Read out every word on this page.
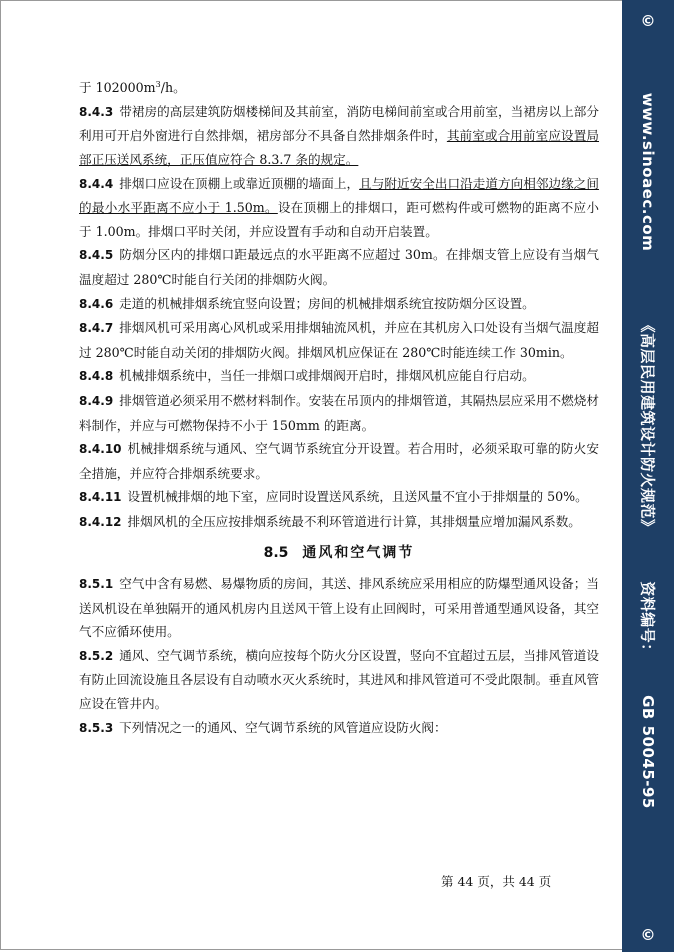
于 $102000m^3/h$。

8.4.3 带裙房的高层建筑防烟楼梯间及其前室，消防电梯间前室或合用前室，当裙房以上部分利用可开启外窗进行自然排烟，裙房部分不具备自然排烟条件时，其前室或合用前室应设置局部正压送风系统，正压值应符合 8.3.7 条的规定。

8.4.4 排烟口应设在顶棚上或靠近顶棚的墙面上，且与附近安全出口沿走道方向相邻边缘之间的最小水平距离不应小于 1.50m。设在顶棚上的排烟口，距可燃构件或可燃物的距离不应小于 1.00m。排烟口平时关闭，并应设置有手动和自动开启装置。

8.4.5 防烟分区内的排烟口距最远点的水平距离不应超过 30m。在排烟支管上应设有当烟气温度超过 280℃时能自行关闭的排烟防火阀。

8.4.6 走道的机械排烟系统宜竖向设置；房间的机械排烟系统宜按防烟分区设置。

8.4.7 排烟风机可采用离心风机或采用排烟轴流风机，并应在其机房入口处设有当烟气温度超过 280℃时能自动关闭的排烟防火阀。排烟风机应保证在 280℃时能连续工作 30min。

8.4.8 机械排烟系统中，当任一排烟口或排烟阀开启时，排烟风机应能自行启动。

8.4.9 排烟管道必须采用不燃材料制作。安装在吊顶内的排烟管道，其隔热层应采用不燃烧材料制作，并应与可燃物保持不小于 150mm 的距离。

8.4.10 机械排烟系统与通风、空气调节系统宜分开设置。若合用时，必须采取可靠的防火安全措施，并应符合排烟系统要求。

8.4.11 设置机械排烟的地下室，应同时设置送风系统，且送风量不宜小于排烟量的 50%。

8.4.12 排烟风机的全压应按排烟系统最不利环管道进行计算，其排烟量应增加漏风系数。

8.5 通风和空气调节

8.5.1 空气中含有易燃、易爆物质的房间，其送、排风系统应采用相应的防爆型通风设备；当送风机设在单独隔开的通风机房内且送风干管上设有止回阀时，可采用普通型通风设备，其空气不应循环使用。

8.5.2 通风、空气调节系统，横向应按每个防火分区设置，竖向不宜超过五层，当排风管道设有防止回流设施且各层设有自动喷水灭火系统时，其进风和排风管道可不受此限制。垂直风管应设在管井内。

8.5.3 下列情况之一的通风、空气调节系统的风管道应设防火阀：

第 44 页，共 44 页
©
www.sinoaec.com
《高层民用建筑设计防火规范》
资料编号：
GB 50045-95
©
